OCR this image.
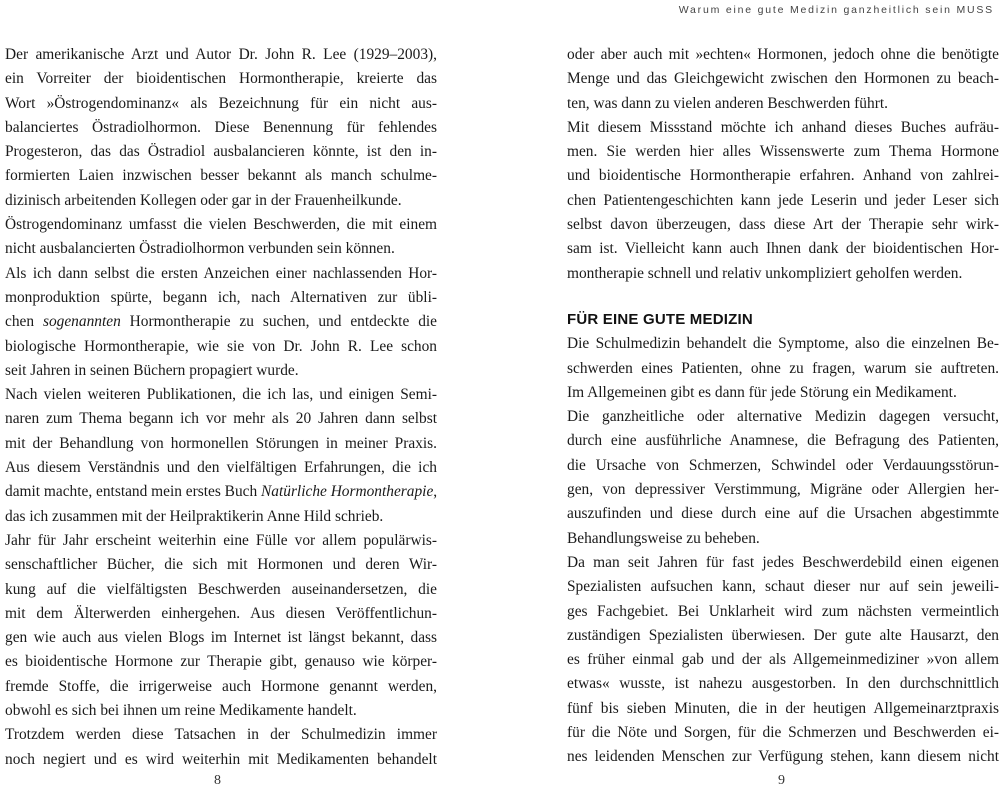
Warum eine gute Medizin ganzheitlich sein MUSS
Der amerikanische Arzt und Autor Dr. John R. Lee (1929–2003),
ein Vorreiter der bioidentischen Hormontherapie, kreierte das
Wort »Östrogendominanz« als Bezeichnung für ein nicht aus-
balanciertes Östradiolhormon. Diese Benennung für fehlendes
Progesteron, das das Östradiol ausbalancieren könnte, ist den in-
formierten Laien inzwischen besser bekannt als manch schulme-
dizinisch arbeitenden Kollegen oder gar in der Frauenheilkunde.
Östrogendominanz umfasst die vielen Beschwerden, die mit einem
nicht ausbalancierten Östradiolhormon verbunden sein können.
Als ich dann selbst die ersten Anzeichen einer nachlassenden Hor-
monproduktion spürte, begann ich, nach Alternativen zur übli-
chen sogenannten Hormontherapie zu suchen, und entdeckte die
biologische Hormontherapie, wie sie von Dr. John R. Lee schon
seit Jahren in seinen Büchern propagiert wurde.
Nach vielen weiteren Publikationen, die ich las, und einigen Semi-
naren zum Thema begann ich vor mehr als 20 Jahren dann selbst
mit der Behandlung von hormonellen Störungen in meiner Praxis.
Aus diesem Verständnis und den vielfältigen Erfahrungen, die ich
damit machte, entstand mein erstes Buch Natürliche Hormontherapie,
das ich zusammen mit der Heilpraktikerin Anne Hild schrieb.
Jahr für Jahr erscheint weiterhin eine Fülle vor allem populärwis-
senschaftlicher Bücher, die sich mit Hormonen und deren Wir-
kung auf die vielfältigsten Beschwerden auseinandersetzen, die
mit dem Älterwerden einhergehen. Aus diesen Veröffentlichun-
gen wie auch aus vielen Blogs im Internet ist längst bekannt, dass
es bioidentische Hormone zur Therapie gibt, genauso wie körper-
fremde Stoffe, die irrigerweise auch Hormone genannt werden,
obwohl es sich bei ihnen um reine Medikamente handelt.
Trotzdem werden diese Tatsachen in der Schulmedizin immer
noch negiert und es wird weiterhin mit Medikamenten behandelt
oder aber auch mit »echten« Hormonen, jedoch ohne die benötigte
Menge und das Gleichgewicht zwischen den Hormonen zu beach-
ten, was dann zu vielen anderen Beschwerden führt.
Mit diesem Missstand möchte ich anhand dieses Buches aufräu-
men. Sie werden hier alles Wissenswerte zum Thema Hormone
und bioidentische Hormontherapie erfahren. Anhand von zahlrei-
chen Patientengeschichten kann jede Leserin und jeder Leser sich
selbst davon überzeugen, dass diese Art der Therapie sehr wirk-
sam ist. Vielleicht kann auch Ihnen dank der bioidentischen Hor-
montherapie schnell und relativ unkompliziert geholfen werden.
FÜR EINE GUTE MEDIZIN
Die Schulmedizin behandelt die Symptome, also die einzelnen Be-
schwerden eines Patienten, ohne zu fragen, warum sie auftreten.
Im Allgemeinen gibt es dann für jede Störung ein Medikament.
Die ganzheitliche oder alternative Medizin dagegen versucht,
durch eine ausführliche Anamnese, die Befragung des Patienten,
die Ursache von Schmerzen, Schwindel oder Verdauungsstörun-
gen, von depressiver Verstimmung, Migräne oder Allergien her-
auszufinden und diese durch eine auf die Ursachen abgestimmte
Behandlungsweise zu beheben.
Da man seit Jahren für fast jedes Beschwerdebild einen eigenen
Spezialisten aufsuchen kann, schaut dieser nur auf sein jeweili-
ges Fachgebiet. Bei Unklarheit wird zum nächsten vermeintlich
zuständigen Spezialisten überwiesen. Der gute alte Hausarzt, den
es früher einmal gab und der als Allgemeinmediziner »von allem
etwas« wusste, ist nahezu ausgestorben. In den durchschnittlich
fünf bis sieben Minuten, die in der heutigen Allgemeinarztpraxis
für die Nöte und Sorgen, für die Schmerzen und Beschwerden ei-
nes leidenden Menschen zur Verfügung stehen, kann diesem nicht
8	9
